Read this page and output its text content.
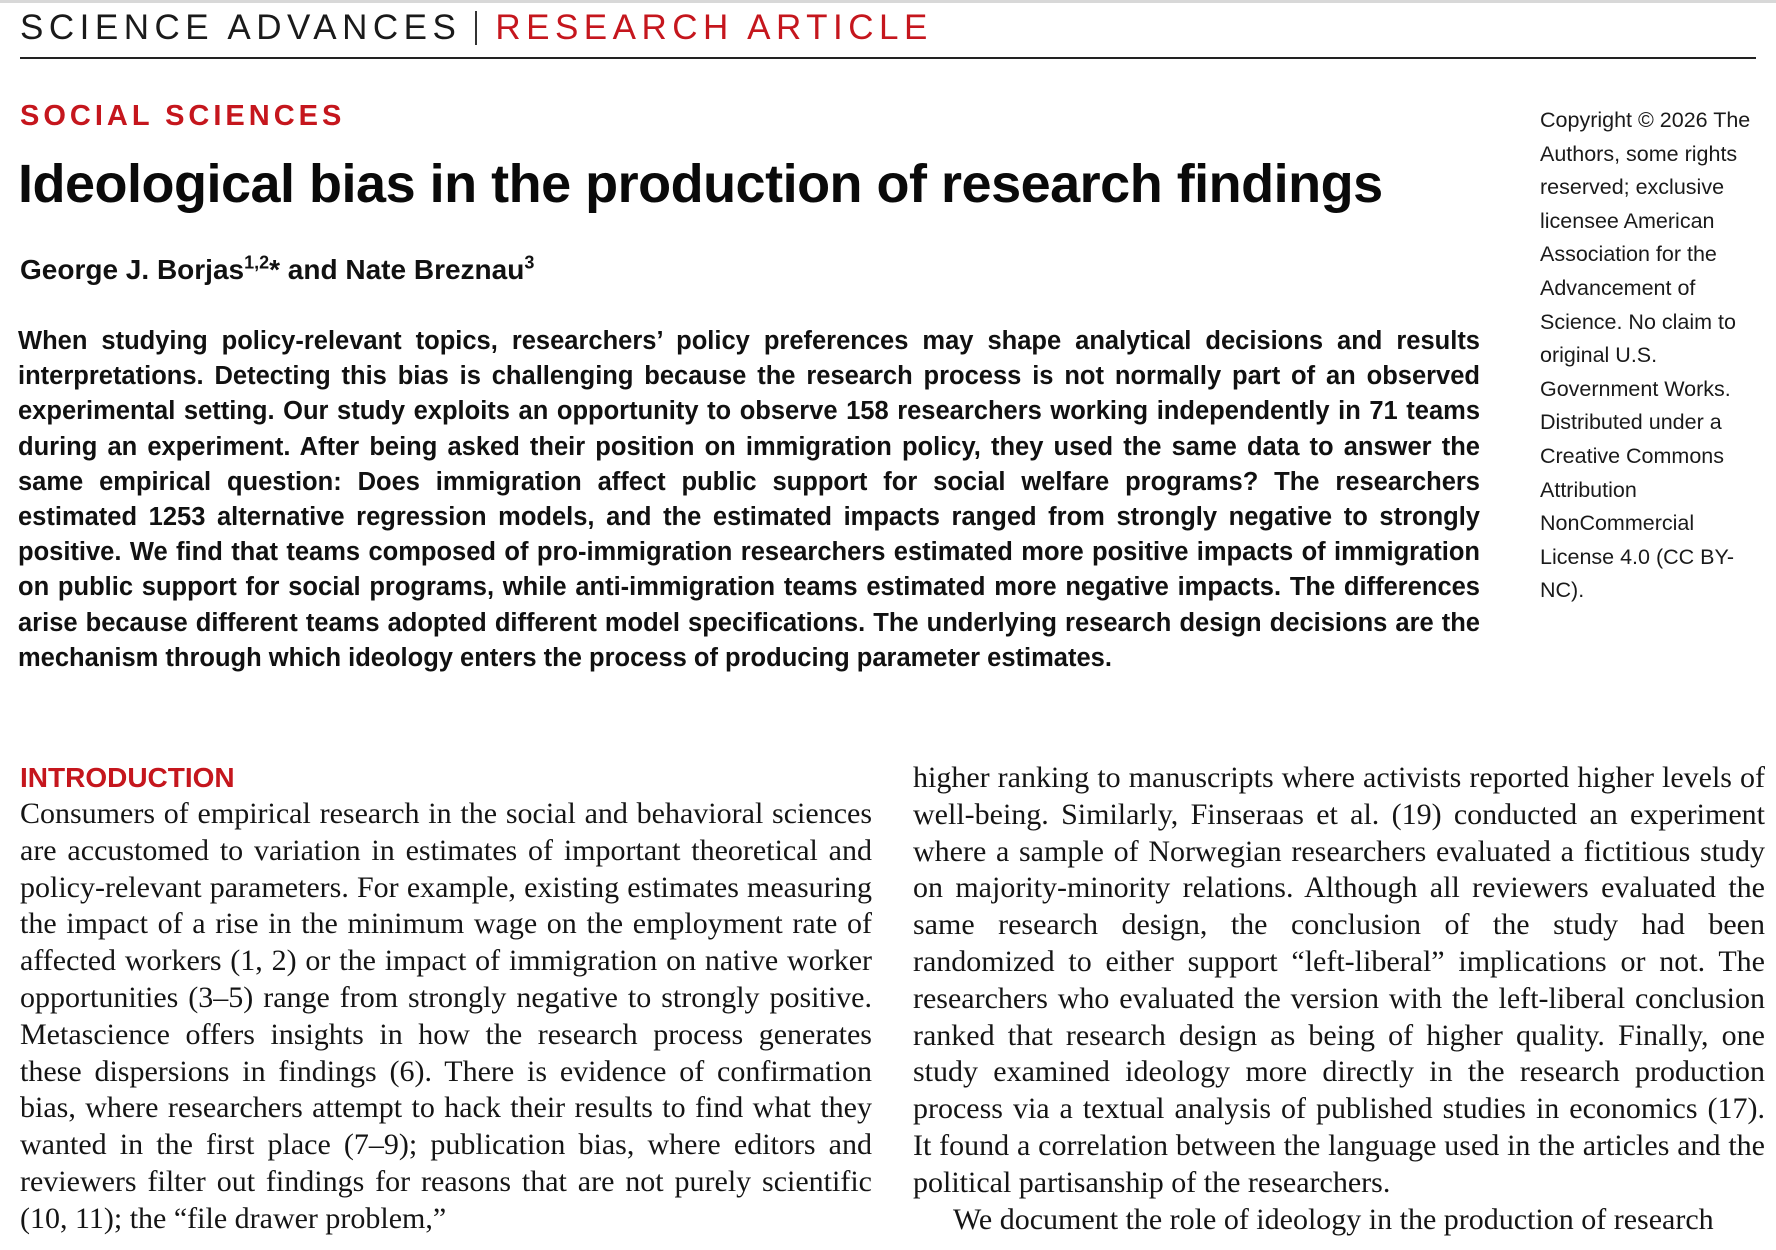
SCIENCE ADVANCES RESEARCH ARTICLE
SOCIAL SCIENCES
Ideological bias in the production of research findings
George J. Borjas$^{1,2}$* and Nate Breznau$^3$

When studying policy-relevant topics, researchers’ policy preferences may shape analytical decisions and results interpretations. Detecting this bias is challenging because the research process is not normally part of an observed experimental setting. Our study exploits an opportunity to observe 158 researchers working independently in 71 teams during an experiment. After being asked their position on immigration policy, they used the same data to answer the same empirical question: Does immigration affect public support for social welfare programs? The researchers estimated 1253 alternative regression models, and the estimated impacts ranged from strongly negative to strongly positive. We find that teams composed of pro-immigration researchers estimated more positive impacts of immigration on public support for social programs, while anti-immigration teams estimated more negative impacts. The differences arise because different teams adopted different model specifications. The underlying research design decisions are the mechanism through which ideology enters the process of producing parameter estimates.

Copyright © 2026 The Authors, some rights reserved; exclusive licensee American Association for the Advancement of Science. No claim to original U.S. Government Works. Distributed under a Creative Commons Attribution NonCommercial License 4.0 (CC BY-NC).

INTRODUCTION

Consumers of empirical research in the social and behavioral sciences are accustomed to variation in estimates of important theoretical and policy-relevant parameters. For example, existing estimates measuring the impact of a rise in the minimum wage on the employment rate of affected workers (1, 2) or the impact of immigration on native worker opportunities (3–5) range from strongly negative to strongly positive. Metascience offers insights in how the research process generates these dispersions in findings (6). There is evidence of confirmation bias, where researchers attempt to hack their results to find what they wanted in the first place (7–9); publication bias, where editors and reviewers filter out findings for reasons that are not purely scientific (10, 11); the “file drawer problem,”

higher ranking to manuscripts where activists reported higher levels of well-being. Similarly, Finseraas et al. (19) conducted an experiment where a sample of Norwegian researchers evaluated a fictitious study on majority-minority relations. Although all reviewers evaluated the same research design, the conclusion of the study had been randomized to either support “left-liberal” implications or not. The researchers who evaluated the version with the left-liberal conclusion ranked that research design as being of higher quality. Finally, one study examined ideology more directly in the research production process via a textual analysis of published studies in economics (17). It found a correlation between the language used in the articles and the political partisanship of the researchers.

We document the role of ideology in the production of research
